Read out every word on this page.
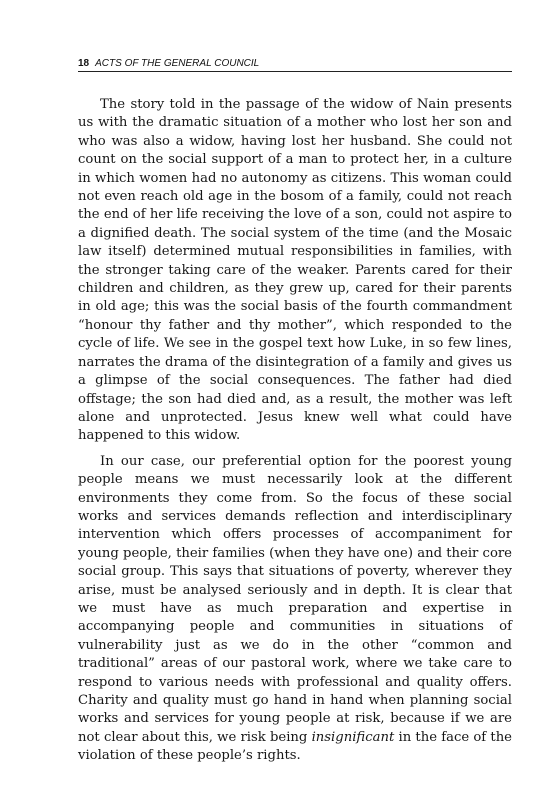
18 ACTS OF THE GENERAL COUNCIL

The story told in the passage of the widow of Nain presents us with the dramatic situation of a mother who lost her son and who was also a widow, having lost her husband. She could not count on the social support of a man to protect her, in a culture in which women had no autonomy as citizens. This woman could not even reach old age in the bosom of a family, could not reach the end of her life receiving the love of a son, could not aspire to a dignified death. The social system of the time (and the Mosaic law itself) determined mutual responsibilities in families, with the stronger taking care of the weaker. Parents cared for their children and children, as they grew up, cared for their parents in old age; this was the social basis of the fourth commandment “honour thy father and thy mother”, which responded to the cycle of life. We see in the gospel text how Luke, in so few lines, narrates the drama of the disintegration of a family and gives us a glimpse of the social consequences. The father had died offstage; the son had died and, as a result, the mother was left alone and unprotected. Jesus knew well what could have happened to this widow.

In our case, our preferential option for the poorest young people means we must necessarily look at the different environments they come from. So the focus of these social works and services demands reflection and interdisciplinary intervention which offers processes of accompaniment for young people, their families (when they have one) and their core social group. This says that situations of poverty, wherever they arise, must be analysed seriously and in depth. It is clear that we must have as much preparation and expertise in accompanying people and communities in situations of vulnerability just as we do in the other “common and traditional” areas of our pastoral work, where we take care to respond to various needs with professional and quality offers. Charity and quality must go hand in hand when planning social works and services for young people at risk, because if we are not clear about this, we risk being insignificant in the face of the violation of these people’s rights.
